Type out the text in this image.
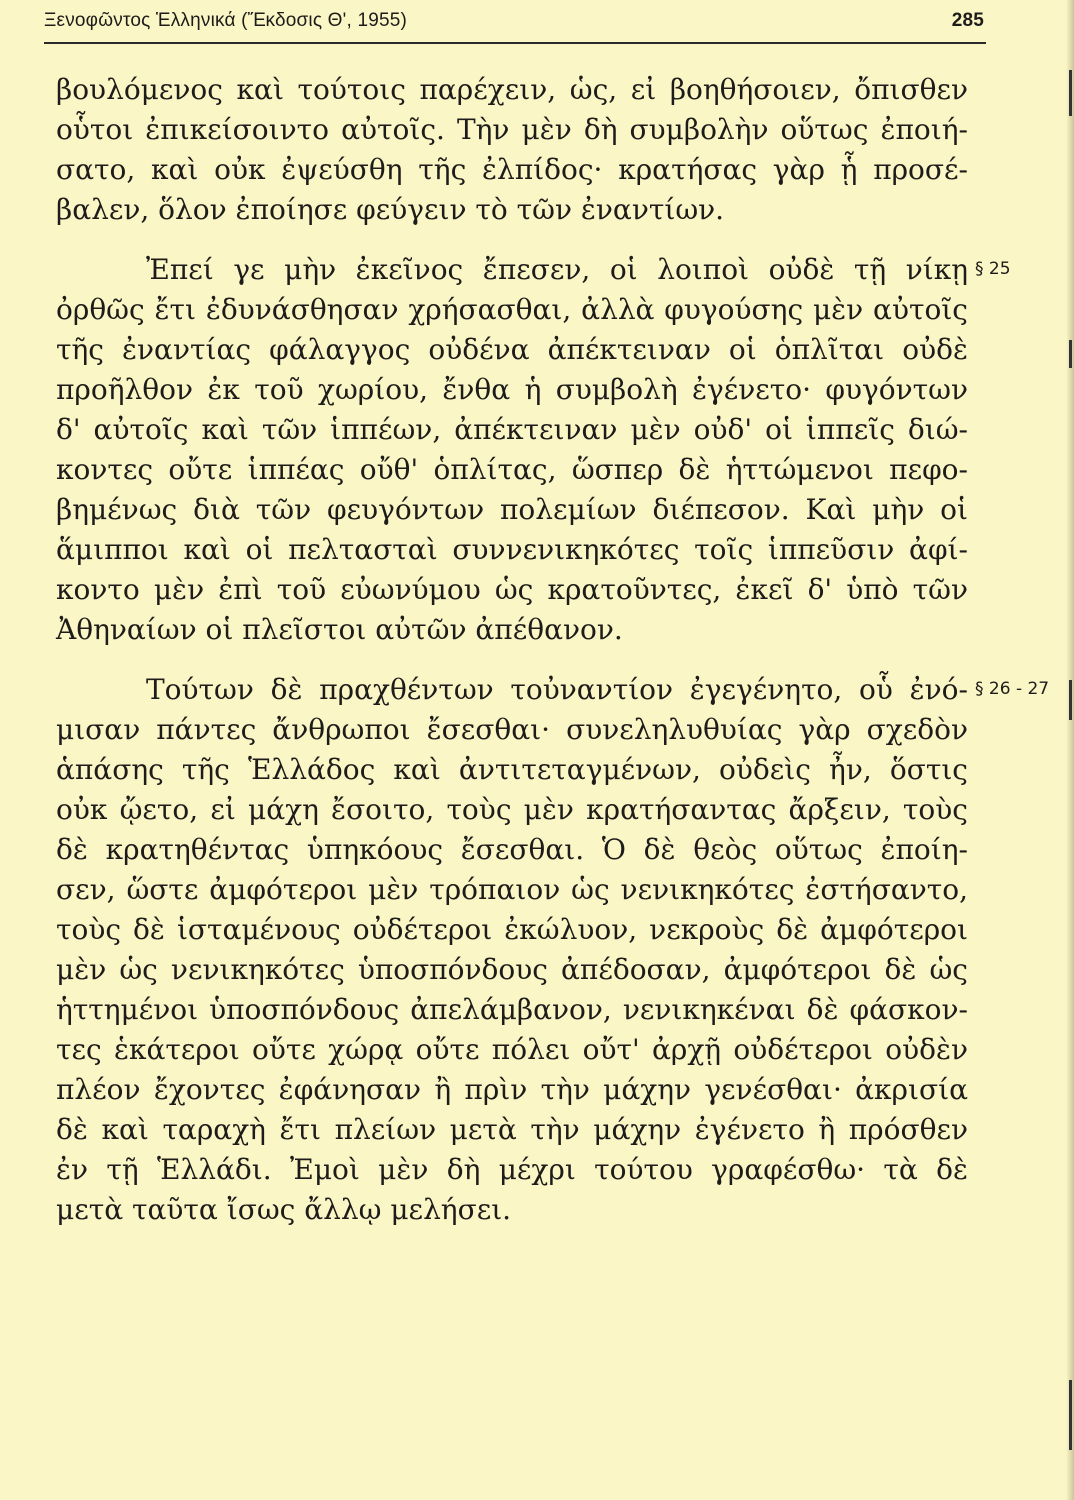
Ξενοφῶντος Ἑλληνικά (Ἔκδοσις Θ', 1955)	285
βουλόμενος καὶ τούτοις παρέχειν, ὡς, εἰ βοηθήσοιεν, ὄπισθεν
οὗτοι ἐπικείσοιντο αὐτοῖς. Τὴν μὲν δὴ συμβολὴν οὕτως ἐποιή-
σατο, καὶ οὐκ ἐψεύσθη τῆς ἐλπίδος· κρατήσας γὰρ ᾗ προσέ-
βαλεν, ὅλον ἐποίησε φεύγειν τὸ τῶν ἐναντίων.
Ἐπεί γε μὴν ἐκεῖνος ἔπεσεν, οἱ λοιποὶ οὐδὲ τῇ νίκῃ
ὀρθῶς ἔτι ἐδυνάσθησαν χρήσασθαι, ἀλλὰ φυγούσης μὲν αὐτοῖς
τῆς ἐναντίας φάλαγγος οὐδένα ἀπέκτειναν οἱ ὁπλῖται οὐδὲ
προῆλθον ἐκ τοῦ χωρίου, ἔνθα ἡ συμβολὴ ἐγένετο· φυγόντων
δ' αὐτοῖς καὶ τῶν ἱππέων, ἀπέκτειναν μὲν οὐδ' οἱ ἱππεῖς διώ-
κοντες οὔτε ἱππέας οὔθ' ὁπλίτας, ὥσπερ δὲ ἡττώμενοι πεφο-
βημένως διὰ τῶν φευγόντων πολεμίων διέπεσον. Καὶ μὴν οἱ
ἅμιπποι καὶ οἱ πελτασταὶ συννενικηκότες τοῖς ἱππεῦσιν ἀφί-
κοντο μὲν ἐπὶ τοῦ εὐωνύμου ὡς κρατοῦντες, ἐκεῖ δ' ὑπὸ τῶν
Ἀθηναίων οἱ πλεῖστοι αὐτῶν ἀπέθανον.
Τούτων δὲ πραχθέντων τοὐναντίον ἐγεγένητο, οὗ ἐνό-
μισαν πάντες ἄνθρωποι ἔσεσθαι· συνεληλυθυίας γὰρ σχεδὸν
ἁπάσης τῆς Ἑλλάδος καὶ ἀντιτεταγμένων, οὐδεὶς ἦν, ὅστις
οὐκ ᾤετο, εἰ μάχη ἔσοιτο, τοὺς μὲν κρατήσαντας ἄρξειν, τοὺς
δὲ κρατηθέντας ὑπηκόους ἔσεσθαι. Ὁ δὲ θεὸς οὕτως ἐποίη-
σεν, ὥστε ἀμφότεροι μὲν τρόπαιον ὡς νενικηκότες ἐστήσαντο,
τοὺς δὲ ἱσταμένους οὐδέτεροι ἐκώλυον, νεκροὺς δὲ ἀμφότεροι
μὲν ὡς νενικηκότες ὑποσπόνδους ἀπέδοσαν, ἀμφότεροι δὲ ὡς
ἡττημένοι ὑποσπόνδους ἀπελάμβανον, νενικηκέναι δὲ φάσκον-
τες ἑκάτεροι οὔτε χώρᾳ οὔτε πόλει οὔτ' ἀρχῇ οὐδέτεροι οὐδὲν
πλέον ἔχοντες ἐφάνησαν ἢ πρὶν τὴν μάχην γενέσθαι· ἀκρισία
δὲ καὶ ταραχὴ ἔτι πλείων μετὰ τὴν μάχην ἐγένετο ἢ πρόσθεν
ἐν τῇ Ἑλλάδι. Ἐμοὶ μὲν δὴ μέχρι τούτου γραφέσθω· τὰ δὲ
μετὰ ταῦτα ἴσως ἄλλῳ μελήσει.
§ 25
§ 26 - 27
